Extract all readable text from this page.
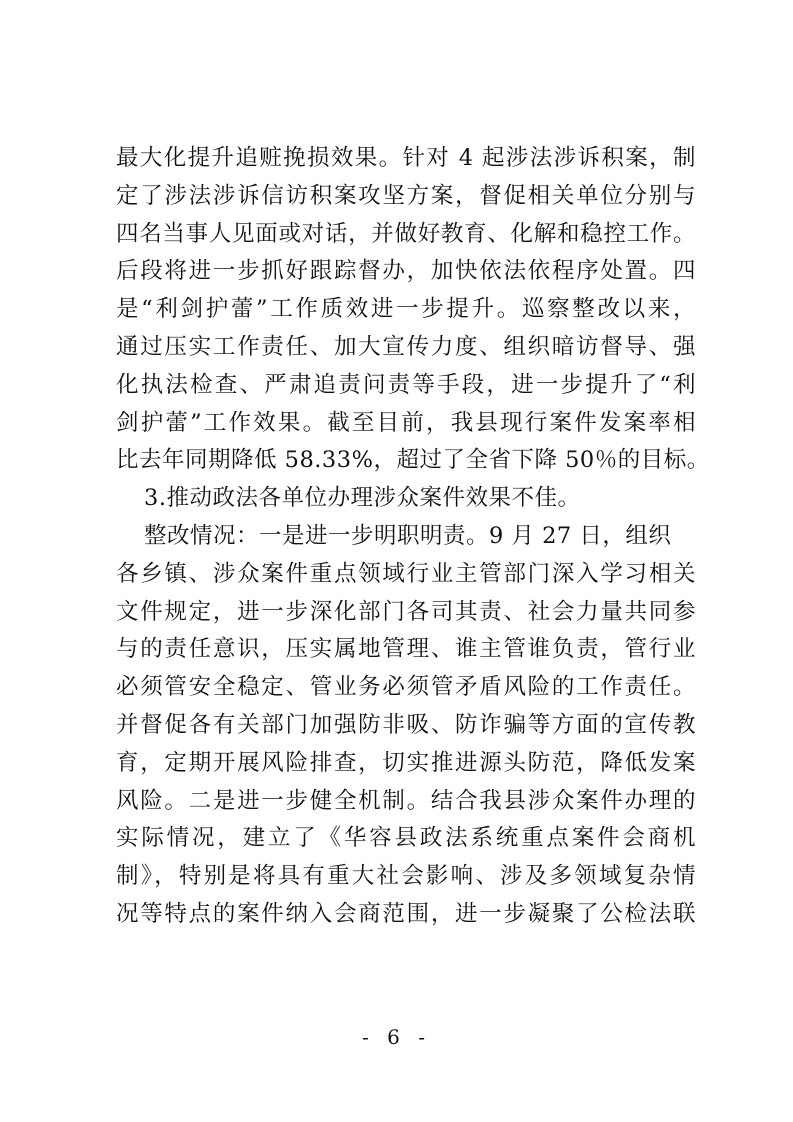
最大化提升追赃挽损效果。针对 4 起涉法涉诉积案，制
定了涉法涉诉信访积案攻坚方案，督促相关单位分别与
四名当事人见面或对话，并做好教育、化解和稳控工作。
后段将进一步抓好跟踪督办，加快依法依程序处置。四
是“利剑护蕾”工作质效进一步提升。巡察整改以来，
通过压实工作责任、加大宣传力度、组织暗访督导、强
化执法检查、严肃追责问责等手段，进一步提升了“利
剑护蕾”工作效果。截至目前，我县现行案件发案率相
比去年同期降低 58.33%，超过了全省下降 50％的目标。
3.推动政法各单位办理涉众案件效果不佳。
整改情况：一是进一步明职明责。9 月 27 日，组织
各乡镇、涉众案件重点领域行业主管部门深入学习相关
文件规定，进一步深化部门各司其责、社会力量共同参
与的责任意识，压实属地管理、谁主管谁负责，管行业
必须管安全稳定、管业务必须管矛盾风险的工作责任。
并督促各有关部门加强防非吸、防诈骗等方面的宣传教
育，定期开展风险排查，切实推进源头防范，降低发案
风险。二是进一步健全机制。结合我县涉众案件办理的
实际情况，建立了《华容县政法系统重点案件会商机
制》，特别是将具有重大社会影响、涉及多领域复杂情
况等特点的案件纳入会商范围，进一步凝聚了公检法联
- 6 -
